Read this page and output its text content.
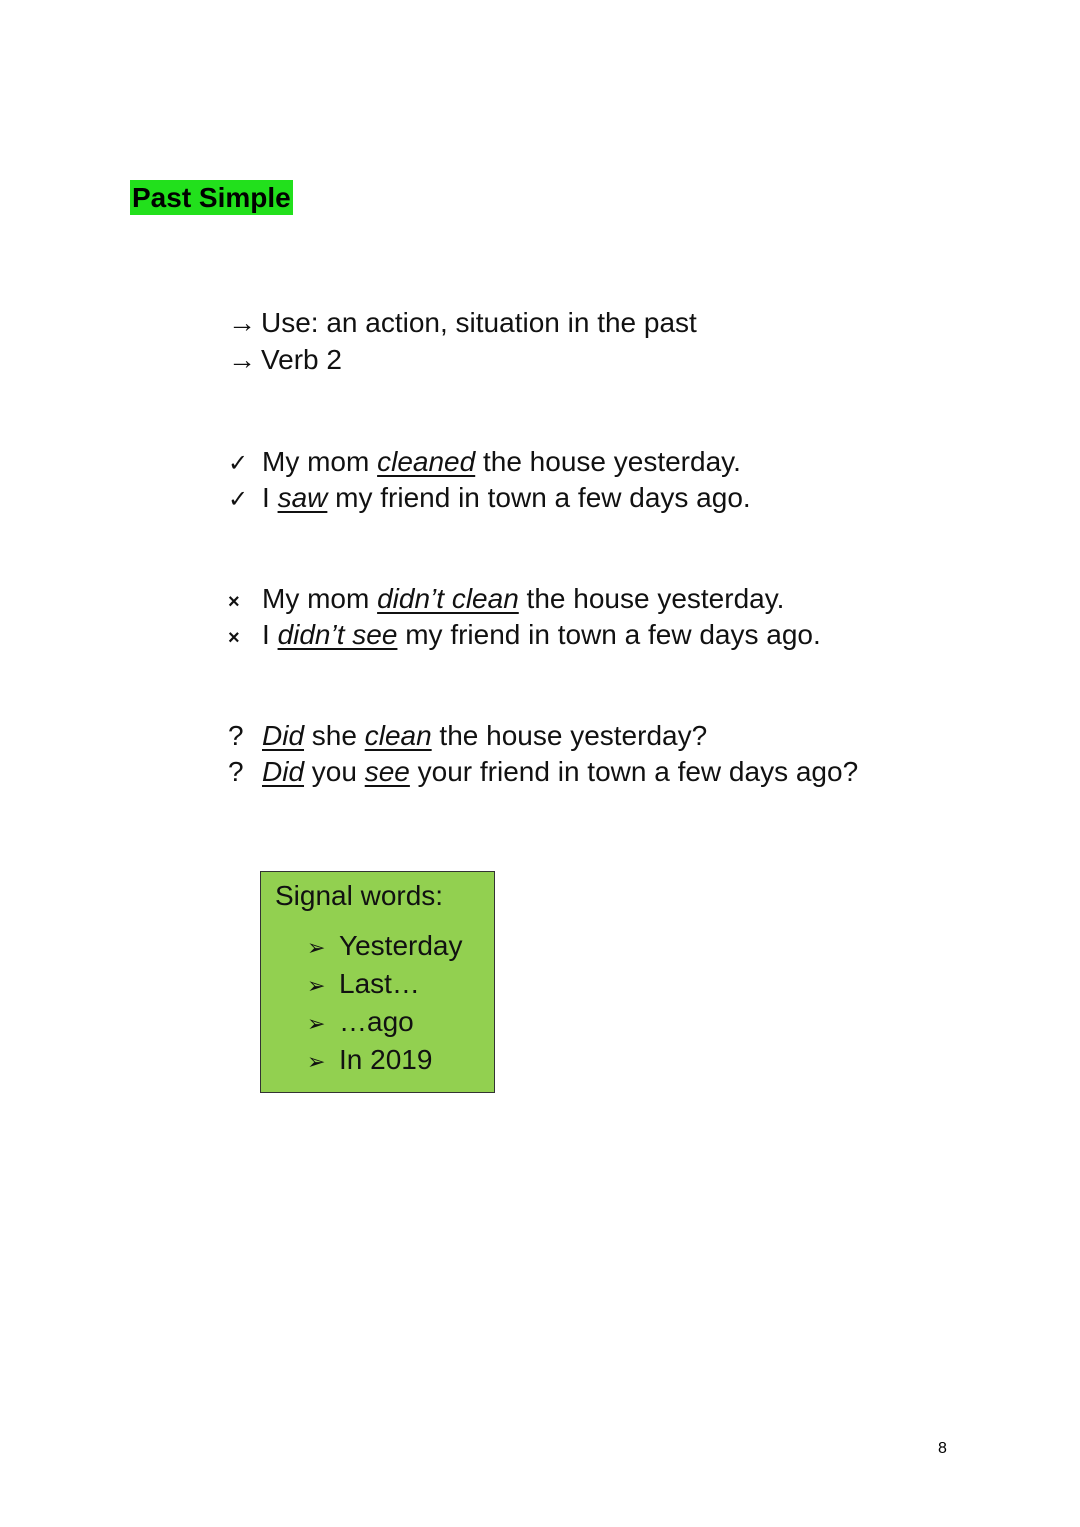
Past Simple
→ Use: an action, situation in the past
→ Verb 2
✓ My mom cleaned the house yesterday.
✓ I saw my friend in town a few days ago.
× My mom didn’t clean the house yesterday.
× I didn’t see my friend in town a few days ago.
? Did she clean the house yesterday?
? Did you see your friend in town a few days ago?
Signal words:
➢ Yesterday
➢ Last…
➢ …ago
➢ In 2019
8
